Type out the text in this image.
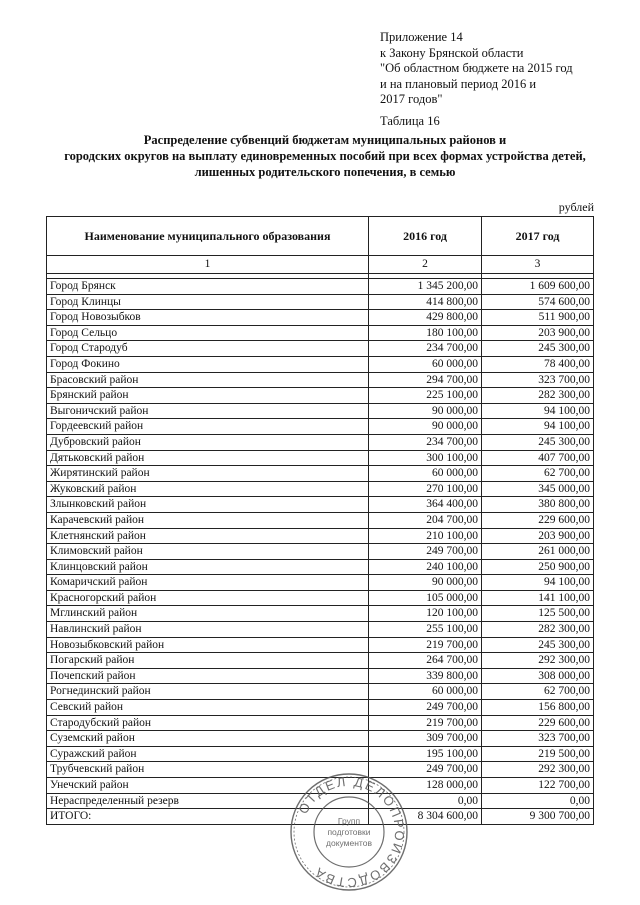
Приложение 14
к Закону Брянской области
"Об областном бюджете на 2015 год
и на плановый период 2016 и
2017 годов"
Таблица 16
Распределение субвенций бюджетам муниципальных районов и
городских округов на выплату единовременных пособий при всех формах устройства детей,
лишенных родительского попечения, в семью
рублей
Наименование муниципального образования	2016 год	2017 год
1	2	3

Город Брянск	1 345 200,00	1 609 600,00
Город Клинцы	414 800,00	574 600,00
Город Новозыбков	429 800,00	511 900,00
Город Сельцо	180 100,00	203 900,00
Город Стародуб	234 700,00	245 300,00
Город Фокино	60 000,00	78 400,00
Брасовский район	294 700,00	323 700,00
Брянский район	225 100,00	282 300,00
Выгоничский район	90 000,00	94 100,00
Гордеевский район	90 000,00	94 100,00
Дубровский район	234 700,00	245 300,00
Дятьковский район	300 100,00	407 700,00
Жирятинский район	60 000,00	62 700,00
Жуковский район	270 100,00	345 000,00
Злынковский район	364 400,00	380 800,00
Карачевский район	204 700,00	229 600,00
Клетнянский район	210 100,00	203 900,00
Климовский район	249 700,00	261 000,00
Клинцовский район	240 100,00	250 900,00
Комаричский район	90 000,00	94 100,00
Красногорский район	105 000,00	141 100,00
Мглинский район	120 100,00	125 500,00
Навлинский район	255 100,00	282 300,00
Новозыбковский район	219 700,00	245 300,00
Погарский район	264 700,00	292 300,00
Почепский район	339 800,00	308 000,00
Рогнединский район	60 000,00	62 700,00
Севский район	249 700,00	156 800,00
Стародубский район	219 700,00	229 600,00
Суземский район	309 700,00	323 700,00
Суражский район	195 100,00	219 500,00
Трубчевский район	249 700,00	292 300,00
Унечский район	128 000,00	122 700,00
Нераспределенный резерв	0,00	0,00
ИТОГО:	8 304 600,00	9 300 700,00
ОТДЕЛ ДЕЛОПРОИЗВОДСТВА
Групп
подготовки
документов
